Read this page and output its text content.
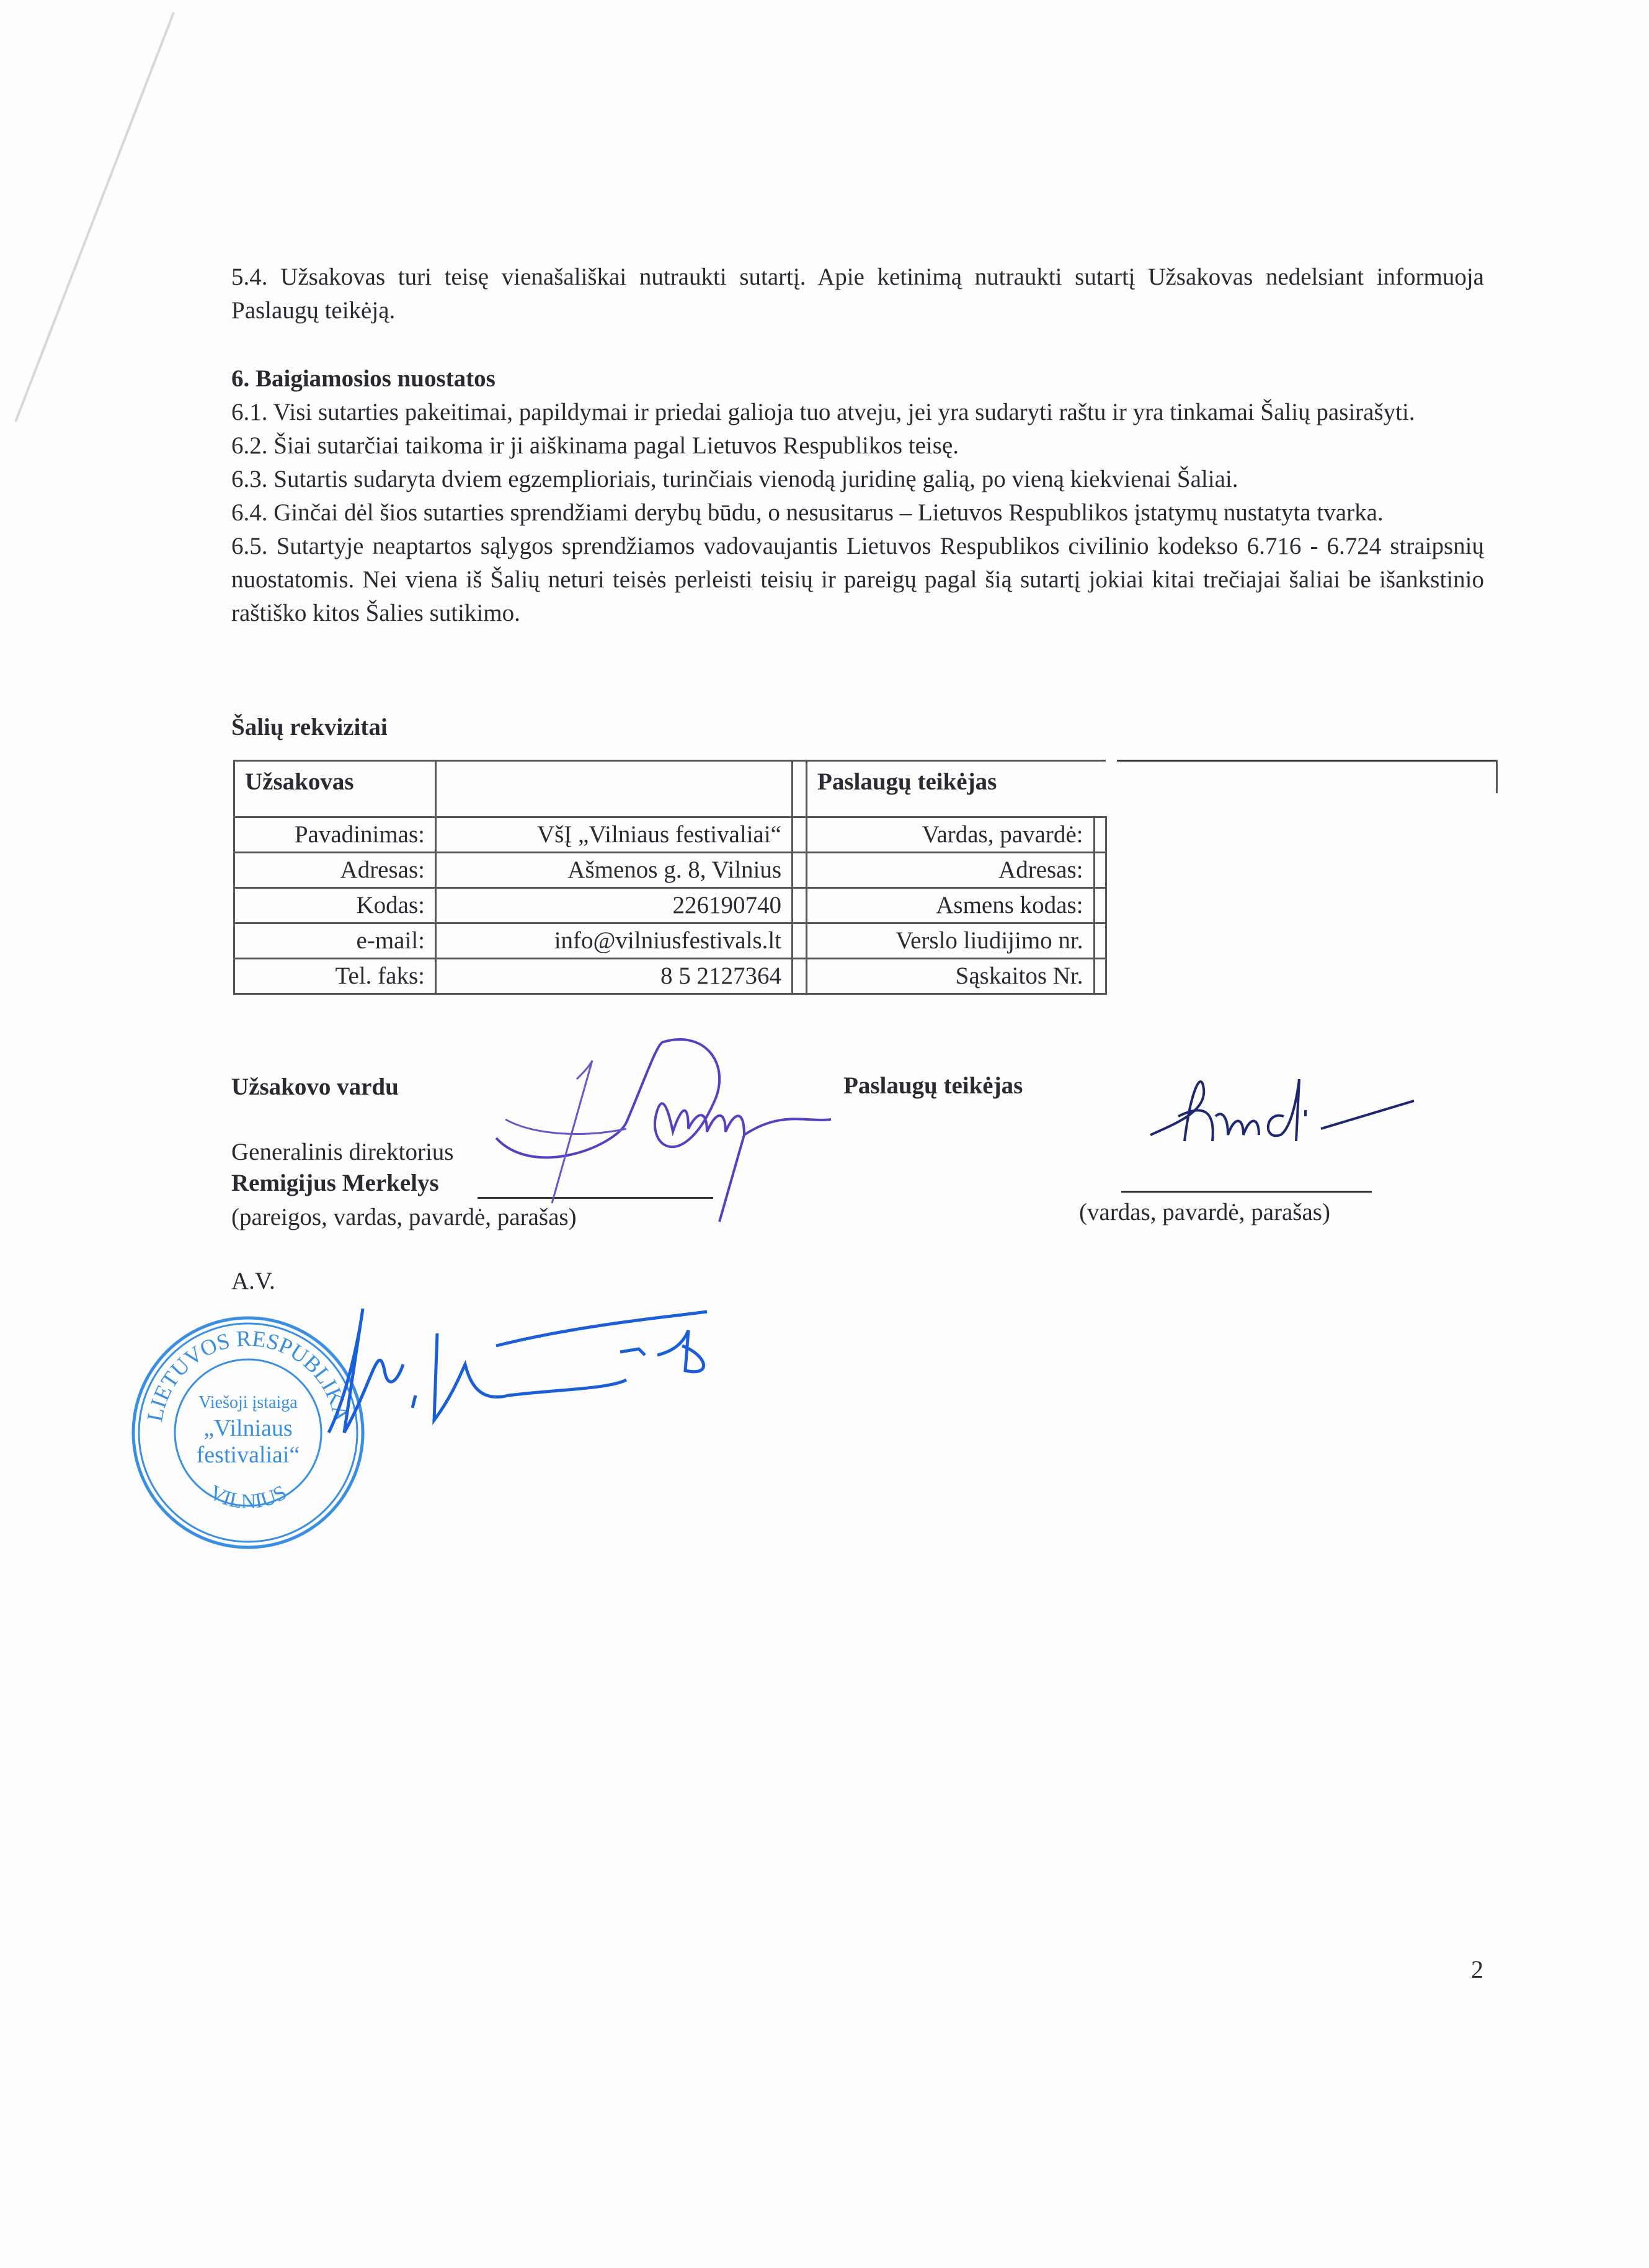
5.4. Užsakovas turi teisę vienašališkai nutraukti sutartį. Apie ketinimą nutraukti sutartį Užsakovas nedelsiant informuoja Paslaugų teikėją.

6. Baigiamosios nuostatos

6.1. Visi sutarties pakeitimai, papildymai ir priedai galioja tuo atveju, jei yra sudaryti raštu ir yra tinkamai Šalių pasirašyti.

6.2. Šiai sutarčiai taikoma ir ji aiškinama pagal Lietuvos Respublikos teisę.

6.3. Sutartis sudaryta dviem egzemplioriais, turinčiais vienodą juridinę galią, po vieną kiekvienai Šaliai.

6.4. Ginčai dėl šios sutarties sprendžiami derybų būdu, o nesusitarus – Lietuvos Respublikos įstatymų nustatyta tvarka.

6.5. Sutartyje neaptartos sąlygos sprendžiamos vadovaujantis Lietuvos Respublikos civilinio kodekso 6.716 - 6.724 straipsnių nuostatomis. Nei viena iš Šalių neturi teisės perleisti teisių ir pareigų pagal šią sutartį jokiai kitai trečiajai šaliai be išankstinio raštiško kitos Šalies sutikimo.

Šalių rekvizitai
Užsakovas			Paslaugų teikėjas	
Pavadinimas:	VšĮ „Vilniaus festivaliai“		Vardas, pavardė:	
Adresas:	Ašmenos g. 8, Vilnius		Adresas:	
Kodas:	226190740		Asmens kodas:	
e-mail:	info@vilniusfestivals.lt		Verslo liudijimo nr.	
Tel. faks:	8 5 2127364		Sąskaitos Nr.	
Užsakovo vardu
Generalinis direktorius
Remigijus Merkelys
(pareigos, vardas, pavardė, parašas)
A.V.
Paslaugų teikėjas
(vardas, pavardė, parašas)
LIETUVOS RESPUBLIKA
VILNIUS
Viešoji įstaiga
„Vilniaus
festivaliai“
2
